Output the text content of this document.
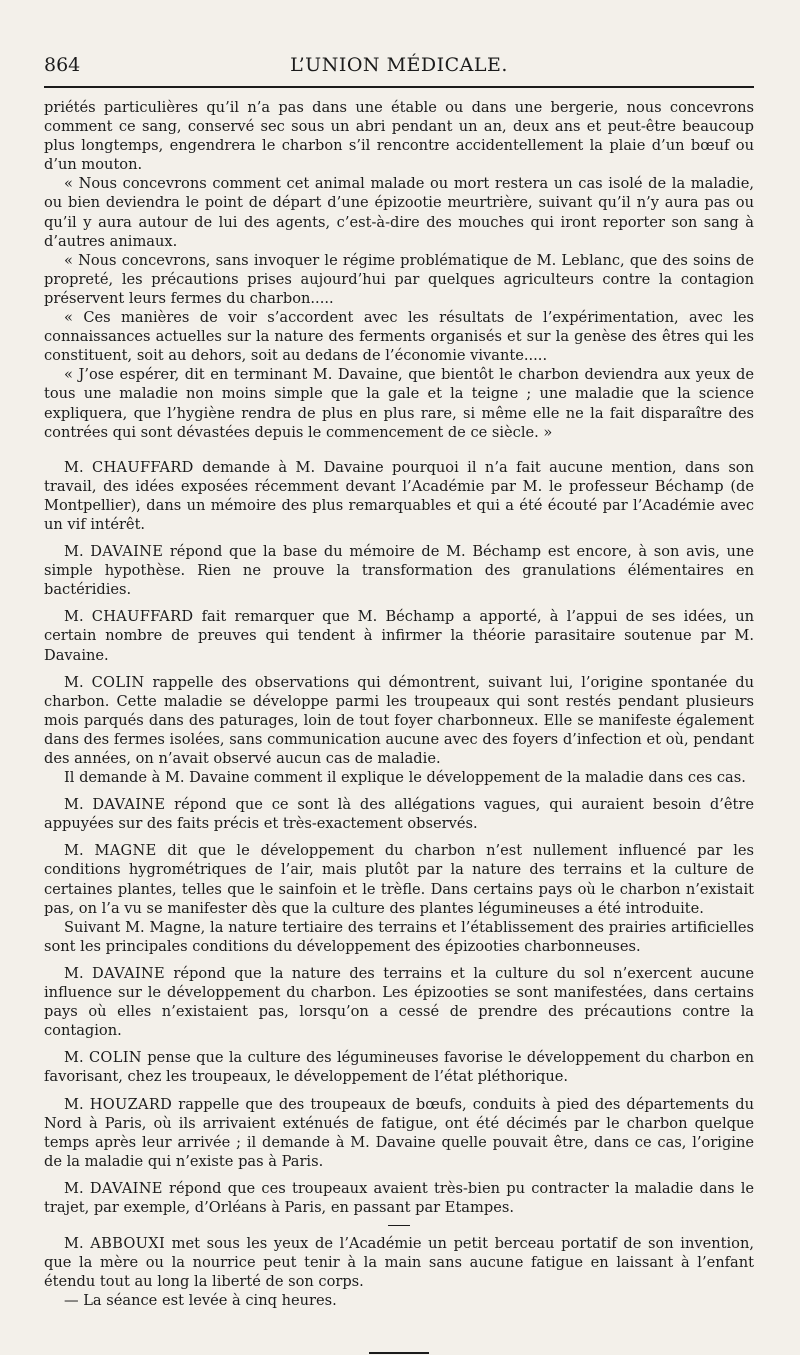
864	L’UNION MÉDICALE.

priétés particulières qu’il n’a pas dans une étable ou dans une bergerie, nous concevrons comment ce sang, conservé sec sous un abri pendant un an, deux ans et peut-être beaucoup plus longtemps, engendrera le charbon s’il rencontre accidentellement la plaie d’un bœuf ou d’un mouton.

« Nous concevrons comment cet animal malade ou mort restera un cas isolé de la maladie, ou bien deviendra le point de départ d’une épizootie meurtrière, suivant qu’il n’y aura pas ou qu’il y aura autour de lui des agents, c’est-à-dire des mouches qui iront reporter son sang à d’autres animaux.

« Nous concevrons, sans invoquer le régime problématique de M. Leblanc, que des soins de propreté, les précautions prises aujourd’hui par quelques agriculteurs contre la contagion préservent leurs fermes du charbon.....

« Ces manières de voir s’accordent avec les résultats de l’expérimentation, avec les connaissances actuelles sur la nature des ferments organisés et sur la genèse des êtres qui les constituent, soit au dehors, soit au dedans de l’économie vivante.....

« J’ose espérer, dit en terminant M. Davaine, que bientôt le charbon deviendra aux yeux de tous une maladie non moins simple que la gale et la teigne ; une maladie que la science expliquera, que l’hygiène rendra de plus en plus rare, si même elle ne la fait disparaître des contrées qui sont dévastées depuis le commencement de ce siècle. »

M. CHAUFFARD demande à M. Davaine pourquoi il n’a fait aucune mention, dans son travail, des idées exposées récemment devant l’Académie par M. le professeur Béchamp (de Montpellier), dans un mémoire des plus remarquables et qui a été écouté par l’Académie avec un vif intérêt.

M. DAVAINE répond que la base du mémoire de M. Béchamp est encore, à son avis, une simple hypothèse. Rien ne prouve la transformation des granulations élémentaires en bactéridies.

M. CHAUFFARD fait remarquer que M. Béchamp a apporté, à l’appui de ses idées, un certain nombre de preuves qui tendent à infirmer la théorie parasitaire soutenue par M. Davaine.

M. COLIN rappelle des observations qui démontrent, suivant lui, l’origine spontanée du charbon. Cette maladie se développe parmi les troupeaux qui sont restés pendant plusieurs mois parqués dans des paturages, loin de tout foyer charbonneux. Elle se manifeste également dans des fermes isolées, sans communication aucune avec des foyers d’infection et où, pendant des années, on n’avait observé aucun cas de maladie.

Il demande à M. Davaine comment il explique le développement de la maladie dans ces cas.

M. DAVAINE répond que ce sont là des allégations vagues, qui auraient besoin d’être appuyées sur des faits précis et très-exactement observés.

M. MAGNE dit que le développement du charbon n’est nullement influencé par les conditions hygrométriques de l’air, mais plutôt par la nature des terrains et la culture de certaines plantes, telles que le sainfoin et le trèfle. Dans certains pays où le charbon n’existait pas, on l’a vu se manifester dès que la culture des plantes légumineuses a été introduite.

Suivant M. Magne, la nature tertiaire des terrains et l’établissement des prairies artificielles sont les principales conditions du développement des épizooties charbonneuses.

M. DAVAINE répond que la nature des terrains et la culture du sol n’exercent aucune influence sur le développement du charbon. Les épizooties se sont manifestées, dans certains pays où elles n’existaient pas, lorsqu’on a cessé de prendre des précautions contre la contagion.

M. COLIN pense que la culture des légumineuses favorise le développement du charbon en favorisant, chez les troupeaux, le développement de l’état pléthorique.

M. HOUZARD rappelle que des troupeaux de bœufs, conduits à pied des départements du Nord à Paris, où ils arrivaient exténués de fatigue, ont été décimés par le charbon quelque temps après leur arrivée ; il demande à M. Davaine quelle pouvait être, dans ce cas, l’origine de la maladie qui n’existe pas à Paris.

M. DAVAINE répond que ces troupeaux avaient très-bien pu contracter la maladie dans le trajet, par exemple, d’Orléans à Paris, en passant par Etampes.

M. ABBOUXI met sous les yeux de l’Académie un petit berceau portatif de son invention, que la mère ou la nourrice peut tenir à la main sans aucune fatigue en laissant à l’enfant étendu tout au long la liberté de son corps.

— La séance est levée à cinq heures.
